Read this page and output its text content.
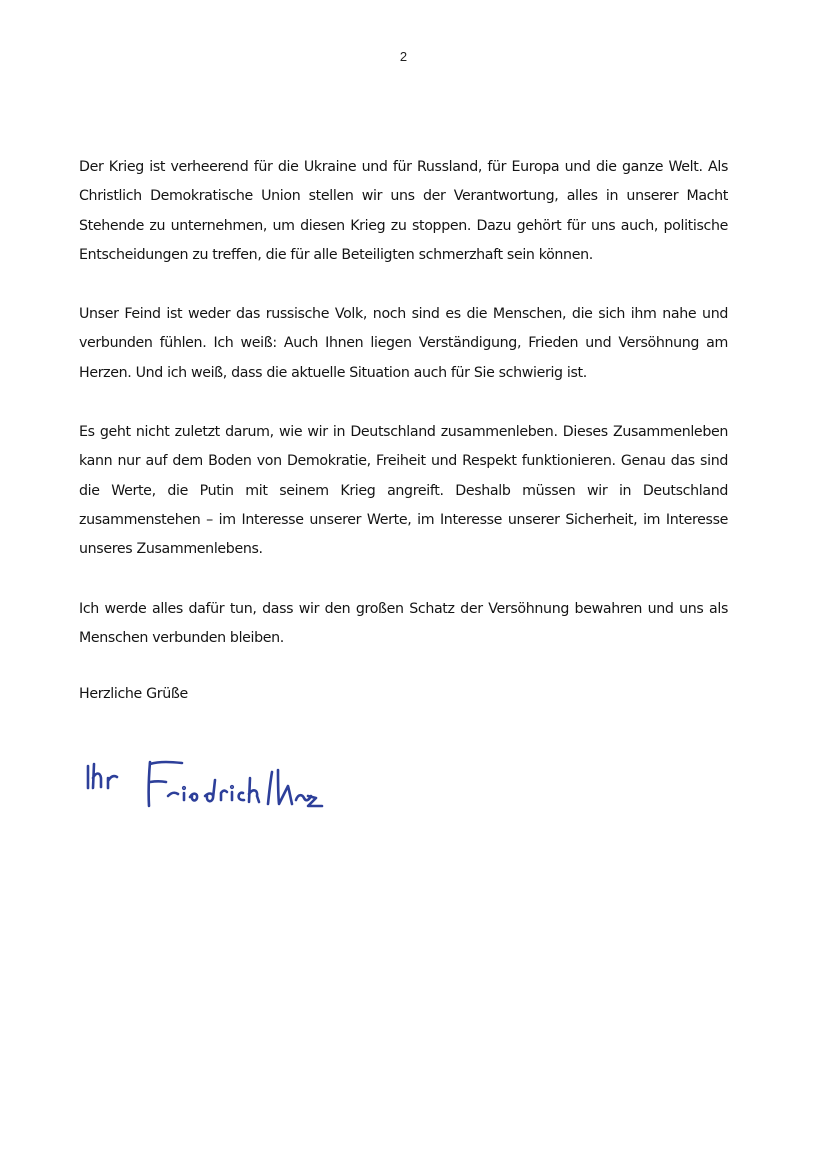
2

Der Krieg ist verheerend für die Ukraine und für Russland, für Europa und die ganze Welt. Als Christlich Demokratische Union stellen wir uns der Verantwortung, alles in unserer Macht Stehende zu unternehmen, um diesen Krieg zu stoppen. Dazu gehört für uns auch, politische Entscheidungen zu treffen, die für alle Beteiligten schmerzhaft sein können.

Unser Feind ist weder das russische Volk, noch sind es die Menschen, die sich ihm nahe und verbunden fühlen. Ich weiß: Auch Ihnen liegen Verständigung, Frieden und Versöhnung am Herzen. Und ich weiß, dass die aktuelle Situation auch für Sie schwierig ist.

Es geht nicht zuletzt darum, wie wir in Deutschland zusammenleben. Dieses Zusammenleben kann nur auf dem Boden von Demokratie, Freiheit und Respekt funktionieren. Genau das sind die Werte, die Putin mit seinem Krieg angreift. Deshalb müssen wir in Deutschland zusammenstehen – im Interesse unserer Werte, im Interesse unserer Sicherheit, im Interesse unseres Zusammenlebens.

Ich werde alles dafür tun, dass wir den großen Schatz der Versöhnung bewahren und uns als Menschen verbunden bleiben.

Herzliche Grüße
